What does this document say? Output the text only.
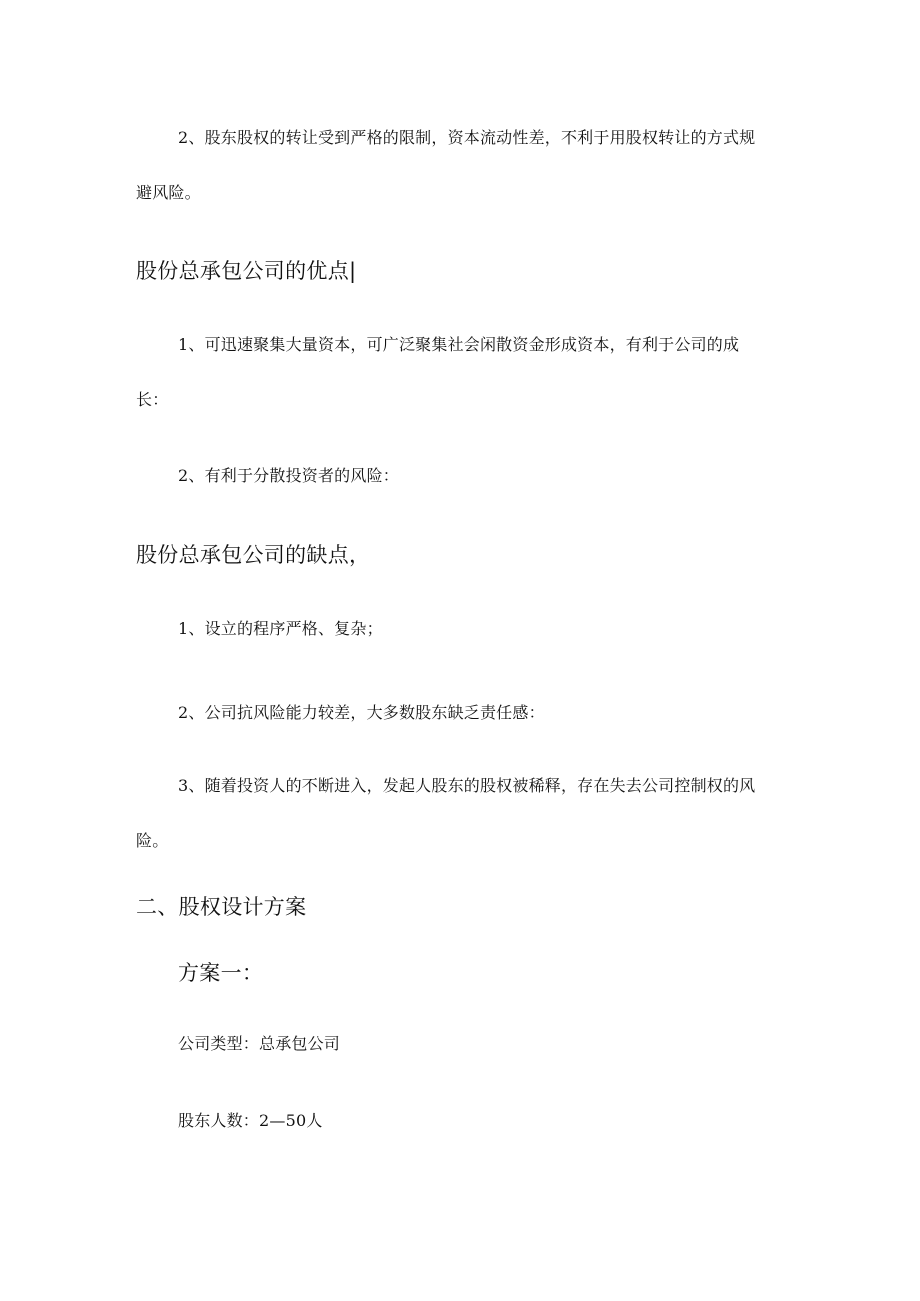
2、股东股权的转让受到严格的限制，资本流动性差，不利于用股权转让的方式规
避风险。
股份总承包公司的优点|
1、可迅速聚集大量资本，可广泛聚集社会闲散资金形成资本，有利于公司的成
长：
2、有利于分散投资者的风险：
股份总承包公司的缺点，
1、设立的程序严格、复杂；
2、公司抗风险能力较差，大多数股东缺乏责任感：
3、随着投资人的不断进入，发起人股东的股权被稀释，存在失去公司控制权的风
险。
二、股权设计方案
方案一：
公司类型：总承包公司
股东人数：2—50人
